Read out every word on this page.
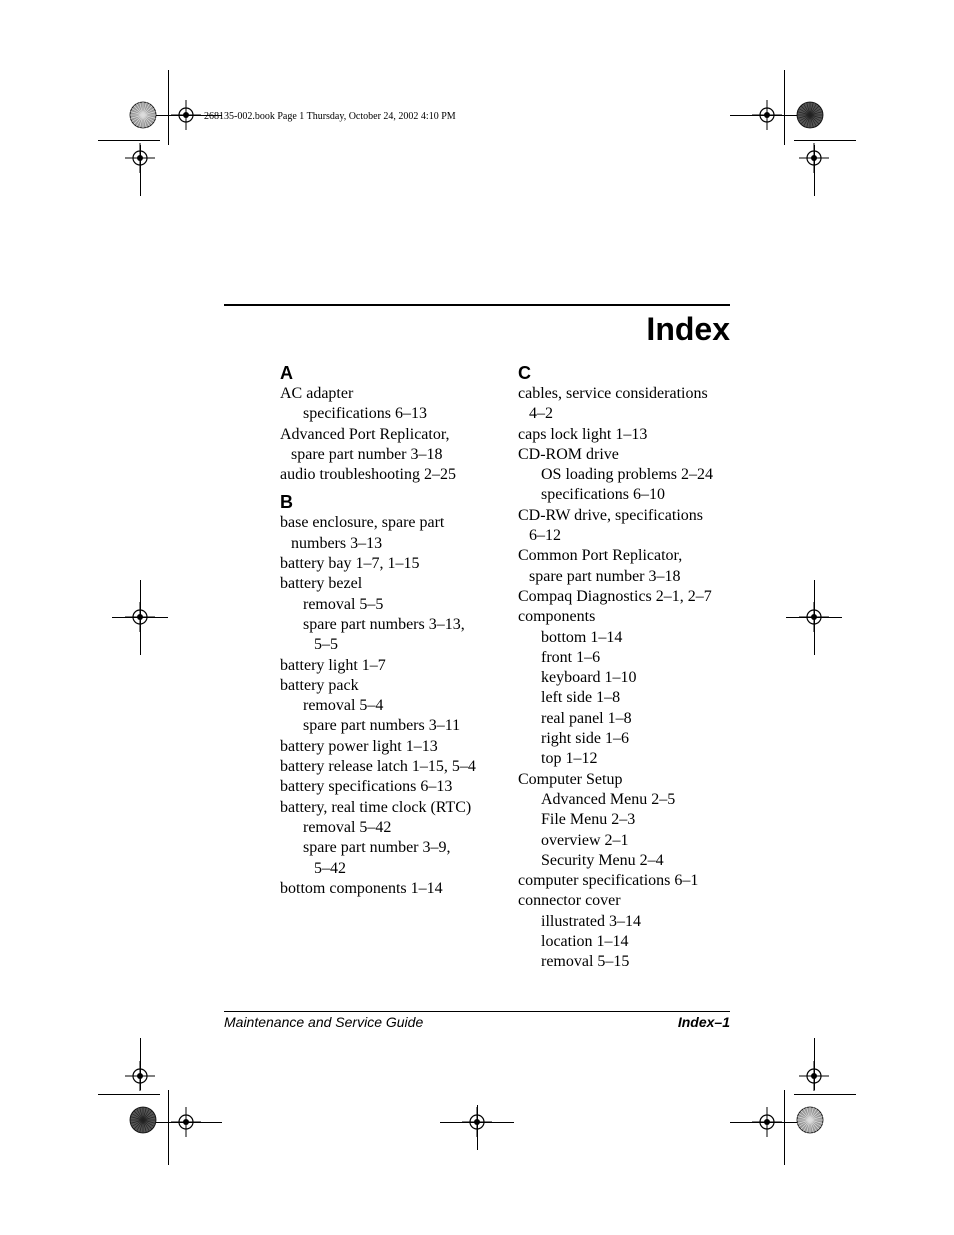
268135-002.book Page 1 Thursday, October 24, 2002 4:10 PM
Index
A
AC adapter
specifications 6–13
Advanced Port Replicator,
spare part number 3–18
audio troubleshooting 2–25
B
base enclosure, spare part
numbers 3–13
battery bay 1–7, 1–15
battery bezel
removal 5–5
spare part numbers 3–13,
5–5
battery light 1–7
battery pack
removal 5–4
spare part numbers 3–11
battery power light 1–13
battery release latch 1–15, 5–4
battery specifications 6–13
battery, real time clock (RTC)
removal 5–42
spare part number 3–9,
5–42
bottom components 1–14
C
cables, service considerations
4–2
caps lock light 1–13
CD-ROM drive
OS loading problems 2–24
specifications 6–10
CD-RW drive, specifications
6–12
Common Port Replicator,
spare part number 3–18
Compaq Diagnostics 2–1, 2–7
components
bottom 1–14
front 1–6
keyboard 1–10
left side 1–8
real panel 1–8
right side 1–6
top 1–12
Computer Setup
Advanced Menu 2–5
File Menu 2–3
overview 2–1
Security Menu 2–4
computer specifications 6–1
connector cover
illustrated 3–14
location 1–14
removal 5–15
Maintenance and Service Guide	Index–1
